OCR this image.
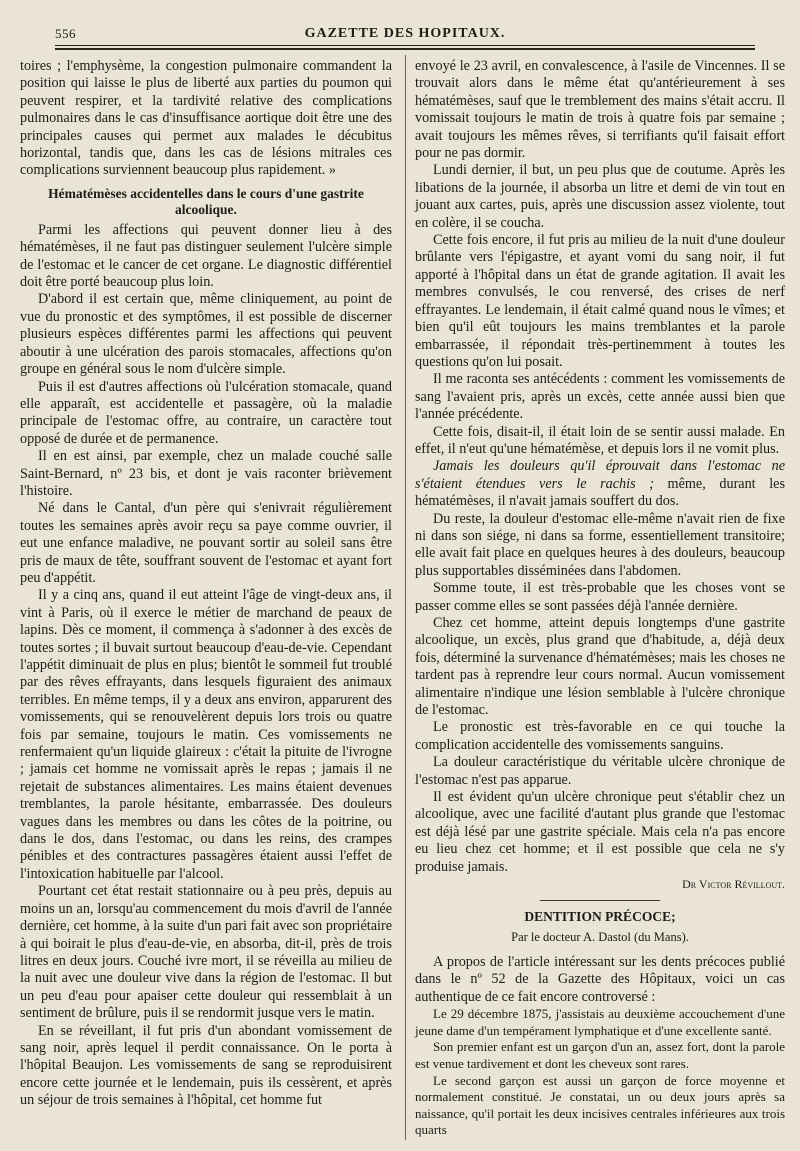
556	GAZETTE DES HOPITAUX.

toires ; l'emphysème, la congestion pulmonaire commandent la position qui laisse le plus de liberté aux parties du poumon qui peuvent respirer, et la tardivité relative des complications pulmonaires dans le cas d'insuffisance aortique doit être une des principales causes qui permet aux malades le décubitus horizontal, tandis que, dans les cas de lésions mitrales ces complications surviennent beaucoup plus rapidement. »

Hématémèses accidentelles dans le cours d'une gastrite alcoolique.

Parmi les affections qui peuvent donner lieu à des hématémèses, il ne faut pas distinguer seulement l'ulcère simple de l'estomac et le cancer de cet organe. Le diagnostic différentiel doit être porté beaucoup plus loin.

D'abord il est certain que, même cliniquement, au point de vue du pronostic et des symptômes, il est possible de discerner plusieurs espèces différentes parmi les affections qui peuvent aboutir à une ulcération des parois stomacales, affections qu'on groupe en général sous le nom d'ulcère simple.

Puis il est d'autres affections où l'ulcération stomacale, quand elle apparaît, est accidentelle et passagère, où la maladie principale de l'estomac offre, au contraire, un caractère tout opposé de durée et de permanence.

Il en est ainsi, par exemple, chez un malade couché salle Saint-Bernard, nº 23 bis, et dont je vais raconter brièvement l'histoire.

Né dans le Cantal, d'un père qui s'enivrait régulièrement toutes les semaines après avoir reçu sa paye comme ouvrier, il eut une enfance maladive, ne pouvant sortir au soleil sans être pris de maux de tête, souffrant souvent de l'estomac et ayant fort peu d'appétit.

Il y a cinq ans, quand il eut atteint l'âge de vingt-deux ans, il vint à Paris, où il exerce le métier de marchand de peaux de lapins. Dès ce moment, il commença à s'adonner à des excès de toutes sortes ; il buvait surtout beaucoup d'eau-de-vie. Cependant l'appétit diminuait de plus en plus; bientôt le sommeil fut troublé par des rêves effrayants, dans lesquels figuraient des animaux terribles. En même temps, il y a deux ans environ, apparurent des vomissements, qui se renouvelèrent depuis lors trois ou quatre fois par semaine, toujours le matin. Ces vomissements ne renfermaient qu'un liquide glaireux : c'était la pituite de l'ivrogne ; jamais cet homme ne vomissait après le repas ; jamais il ne rejetait de substances alimentaires. Les mains étaient devenues tremblantes, la parole hésitante, embarrassée. Des douleurs vagues dans les membres ou dans les côtes de la poitrine, ou dans le dos, dans l'estomac, ou dans les reins, des crampes pénibles et des contractures passagères étaient aussi l'effet de l'intoxication habituelle par l'alcool.

Pourtant cet état restait stationnaire ou à peu près, depuis au moins un an, lorsqu'au commencement du mois d'avril de l'année dernière, cet homme, à la suite d'un pari fait avec son propriétaire à qui boirait le plus d'eau-de-vie, en absorba, dit-il, près de trois litres en deux jours. Couché ivre mort, il se réveilla au milieu de la nuit avec une douleur vive dans la région de l'estomac. Il but un peu d'eau pour apaiser cette douleur qui ressemblait à un sentiment de brûlure, puis il se rendormit jusque vers le matin.

En se réveillant, il fut pris d'un abondant vomissement de sang noir, après lequel il perdit connaissance. On le porta à l'hôpital Beaujon. Les vomissements de sang se reproduisirent encore cette journée et le lendemain, puis ils cessèrent, et après un séjour de trois semaines à l'hôpital, cet homme fut

envoyé le 23 avril, en convalescence, à l'asile de Vincennes. Il se trouvait alors dans le même état qu'antérieurement à ses hématémèses, sauf que le tremblement des mains s'était accru. Il vomissait toujours le matin de trois à quatre fois par semaine ; avait toujours les mêmes rêves, si terrifiants qu'il faisait effort pour ne pas dormir.

Lundi dernier, il but, un peu plus que de coutume. Après les libations de la journée, il absorba un litre et demi de vin tout en jouant aux cartes, puis, après une discussion assez violente, tout en colère, il se coucha.

Cette fois encore, il fut pris au milieu de la nuit d'une douleur brûlante vers l'épigastre, et ayant vomi du sang noir, il fut apporté à l'hôpital dans un état de grande agitation. Il avait les membres convulsés, le cou renversé, des crises de nerf effrayantes. Le lendemain, il était calmé quand nous le vîmes; et bien qu'il eût toujours les mains tremblantes et la parole embarrassée, il répondait très-pertinemment à toutes les questions qu'on lui posait.

Il me raconta ses antécédents : comment les vomissements de sang l'avaient pris, après un excès, cette année aussi bien que l'année précédente.

Cette fois, disait-il, il était loin de se sentir aussi malade. En effet, il n'eut qu'une hématémèse, et depuis lors il ne vomit plus.

Jamais les douleurs qu'il éprouvait dans l'estomac ne s'étaient étendues vers le rachis ; même, durant les hématémèses, il n'avait jamais souffert du dos.

Du reste, la douleur d'estomac elle-même n'avait rien de fixe ni dans son siége, ni dans sa forme, essentiellement transitoire; elle avait fait place en quelques heures à des douleurs, beaucoup plus supportables disséminées dans l'abdomen.

Somme toute, il est très-probable que les choses vont se passer comme elles se sont passées déjà l'année dernière.

Chez cet homme, atteint depuis longtemps d'une gastrite alcoolique, un excès, plus grand que d'habitude, a, déjà deux fois, déterminé la survenance d'hématémèses; mais les choses ne tardent pas à reprendre leur cours normal. Aucun vomissement alimentaire n'indique une lésion semblable à l'ulcère chronique de l'estomac.

Le pronostic est très-favorable en ce qui touche la complication accidentelle des vomissements sanguins.

La douleur caractéristique du véritable ulcère chronique de l'estomac n'est pas apparue.

Il est évident qu'un ulcère chronique peut s'établir chez un alcoolique, avec une facilité d'autant plus grande que l'estomac est déjà lésé par une gastrite spéciale. Mais cela n'a pas encore eu lieu chez cet homme; et il est possible que cela ne s'y produise jamais.

Dr Victor Révillout.
DENTITION PRÉCOCE;
Par le docteur A. Dastol (du Mans).

A propos de l'article intéressant sur les dents précoces publié dans le nº 52 de la Gazette des Hôpitaux, voici un cas authentique de ce fait encore controversé :

Le 29 décembre 1875, j'assistais au deuxième accouchement d'une jeune dame d'un tempérament lymphatique et d'une excellente santé.

Son premier enfant est un garçon d'un an, assez fort, dont la parole est venue tardivement et dont les cheveux sont rares.

Le second garçon est aussi un garçon de force moyenne et normalement constitué. Je constatai, un ou deux jours après sa naissance, qu'il portait les deux incisives centrales inférieures aux trois quarts
